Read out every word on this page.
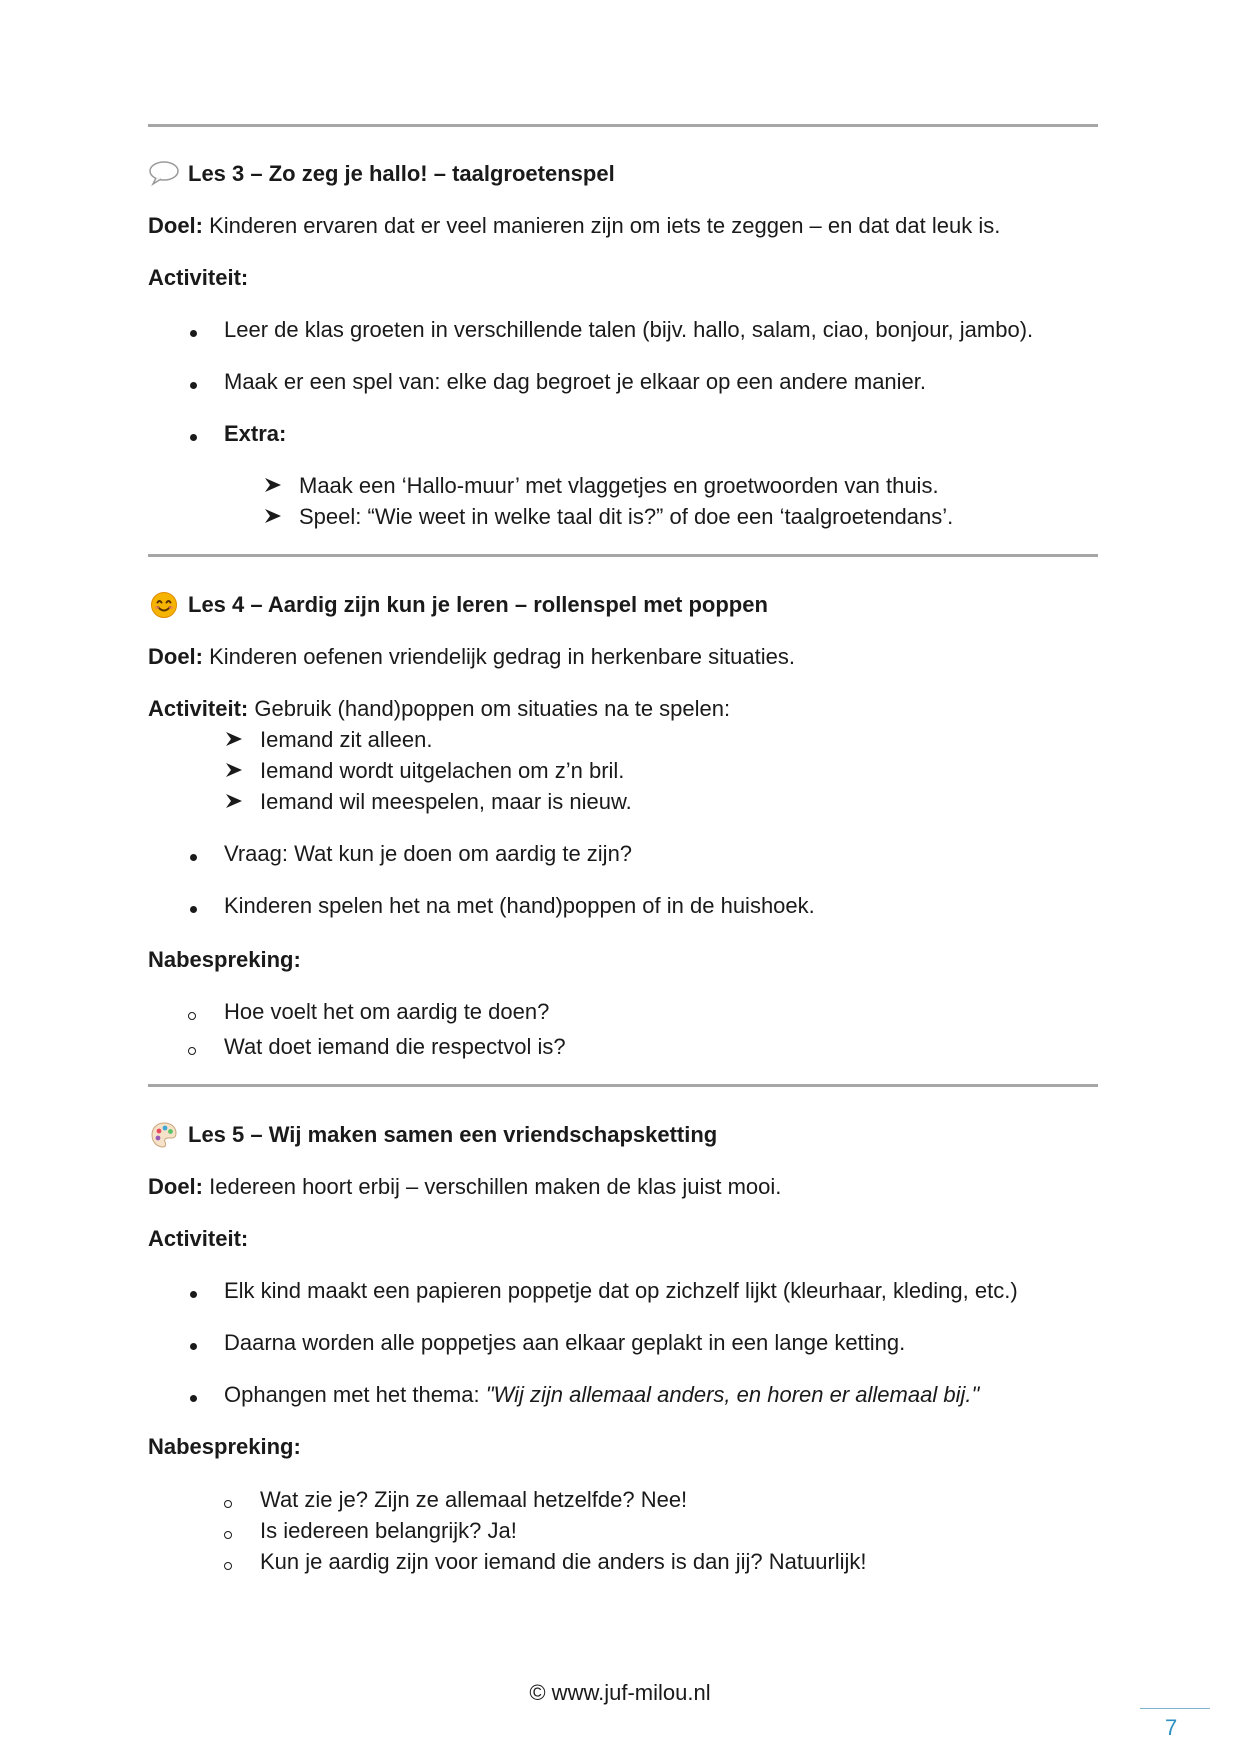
Les 3 – Zo zeg je hallo! – taalgroetenspel
Doel: Kinderen ervaren dat er veel manieren zijn om iets te zeggen – en dat dat leuk is.
Activiteit:
Leer de klas groeten in verschillende talen (bijv. hallo, salam, ciao, bonjour, jambo).
Maak er een spel van: elke dag begroet je elkaar op een andere manier.
Extra:
Maak een ‘Hallo-muur’ met vlaggetjes en groetwoorden van thuis.
Speel: “Wie weet in welke taal dit is?” of doe een ‘taalgroetendans’.
Les 4 – Aardig zijn kun je leren – rollenspel met poppen
Doel: Kinderen oefenen vriendelijk gedrag in herkenbare situaties.
Activiteit: Gebruik (hand)poppen om situaties na te spelen:
Iemand zit alleen.
Iemand wordt uitgelachen om z’n bril.
Iemand wil meespelen, maar is nieuw.
Vraag: Wat kun je doen om aardig te zijn?
Kinderen spelen het na met (hand)poppen of in de huishoek.
Nabespreking:
Hoe voelt het om aardig te doen?
Wat doet iemand die respectvol is?
Les 5 – Wij maken samen een vriendschapsketting
Doel: Iedereen hoort erbij – verschillen maken de klas juist mooi.
Activiteit:
Elk kind maakt een papieren poppetje dat op zichzelf lijkt (kleurhaar, kleding, etc.)
Daarna worden alle poppetjes aan elkaar geplakt in een lange ketting.
Ophangen met het thema: "Wij zijn allemaal anders, en horen er allemaal bij."
Nabespreking:
Wat zie je? Zijn ze allemaal hetzelfde? Nee!
Is iedereen belangrijk? Ja!
Kun je aardig zijn voor iemand die anders is dan jij? Natuurlijk!
© www.juf-milou.nl
7
